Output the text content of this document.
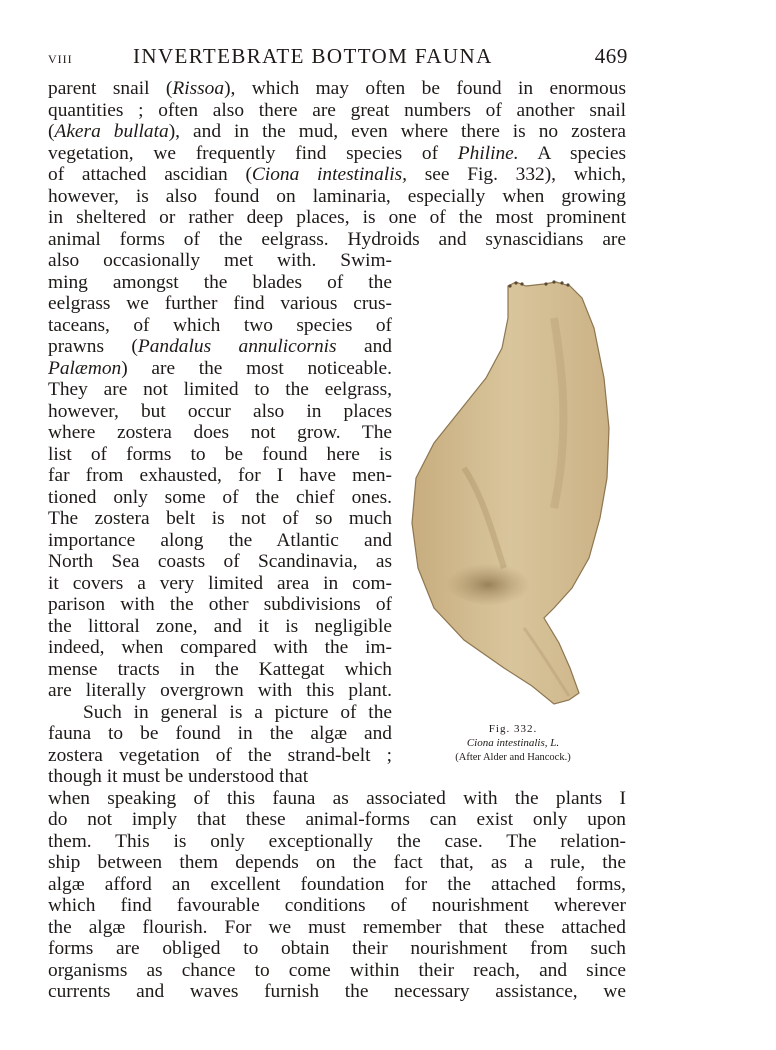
VIII	INVERTEBRATE BOTTOM FAUNA	469
parent snail (Rissoa), which may often be found in enormous
quantities ; often also there are great numbers of another snail
(Akera bullata), and in the mud, even where there is no zostera
vegetation, we frequently find species of Philine. A species
of attached ascidian (Ciona intestinalis, see Fig. 332), which,
however, is also found on laminaria, especially when growing
in sheltered or rather deep places, is one of the most prominent
animal forms of the eelgrass. Hydroids and synascidians are
also occasionally met with. Swim-
ming amongst the blades of the
eelgrass we further find various crus-
taceans, of which two species of
prawns (Pandalus annulicornis and
Palæmon) are the most noticeable.
They are not limited to the eelgrass,
however, but occur also in places
where zostera does not grow. The
list of forms to be found here is
far from exhausted, for I have men-
tioned only some of the chief ones.
The zostera belt is not of so much
importance along the Atlantic and
North Sea coasts of Scandinavia, as
it covers a very limited area in com-
parison with the other subdivisions of
the littoral zone, and it is negligible
indeed, when compared with the im-
mense tracts in the Kattegat which
are literally overgrown with this plant.
Such in general is a picture of the
fauna to be found in the algæ and
zostera vegetation of the strand-belt ;
though it must be understood that
when speaking of this fauna as associated with the plants I
do not imply that these animal-forms can exist only upon
them. This is only exceptionally the case. The relation-
ship between them depends on the fact that, as a rule, the
algæ afford an excellent foundation for the attached forms,
which find favourable conditions of nourishment wherever
the algæ flourish. For we must remember that these attached
forms are obliged to obtain their nourishment from such
organisms as chance to come within their reach, and since
currents and waves furnish the necessary assistance, we
Fig. 332.
Ciona intestinalis, L.
(After Alder and Hancock.)
